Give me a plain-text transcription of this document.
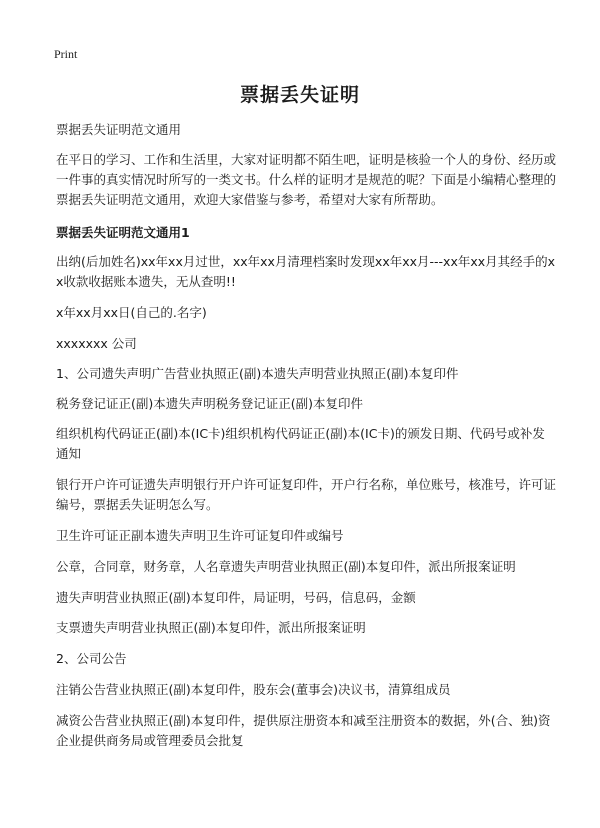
Print
票据丢失证明

票据丢失证明范文通用

在平日的学习、工作和生活里，大家对证明都不陌生吧，证明是核验一个人的身份、经历或一件事的真实情况时所写的一类文书。什么样的证明才是规范的呢？下面是小编精心整理的票据丢失证明范文通用，欢迎大家借鉴与参考，希望对大家有所帮助。

票据丢失证明范文通用1

出纳(后加姓名)xx年xx月过世，xx年xx月清理档案时发现xx年xx月---xx年xx月其经手的xx收款收据账本遗失，无从查明!!

x年xx月xx日(自己的.名字)

xxxxxxx 公司

1、公司遗失声明广告营业执照正(副)本遗失声明营业执照正(副)本复印件

税务登记证正(副)本遗失声明税务登记证正(副)本复印件

组织机构代码证正(副)本(IC卡)组织机构代码证正(副)本(IC卡)的颁发日期、代码号或补发通知

银行开户许可证遗失声明银行开户许可证复印件，开户行名称，单位账号，核准号，许可证编号，票据丢失证明怎么写。

卫生许可证正副本遗失声明卫生许可证复印件或编号

公章，合同章，财务章，人名章遗失声明营业执照正(副)本复印件，派出所报案证明

遗失声明营业执照正(副)本复印件，局证明，号码，信息码，金额

支票遗失声明营业执照正(副)本复印件，派出所报案证明

2、公司公告

注销公告营业执照正(副)本复印件，股东会(董事会)决议书，清算组成员

减资公告营业执照正(副)本复印件，提供原注册资本和减至注册资本的数据，外(合、独)资企业提供商务局或管理委员会批复
